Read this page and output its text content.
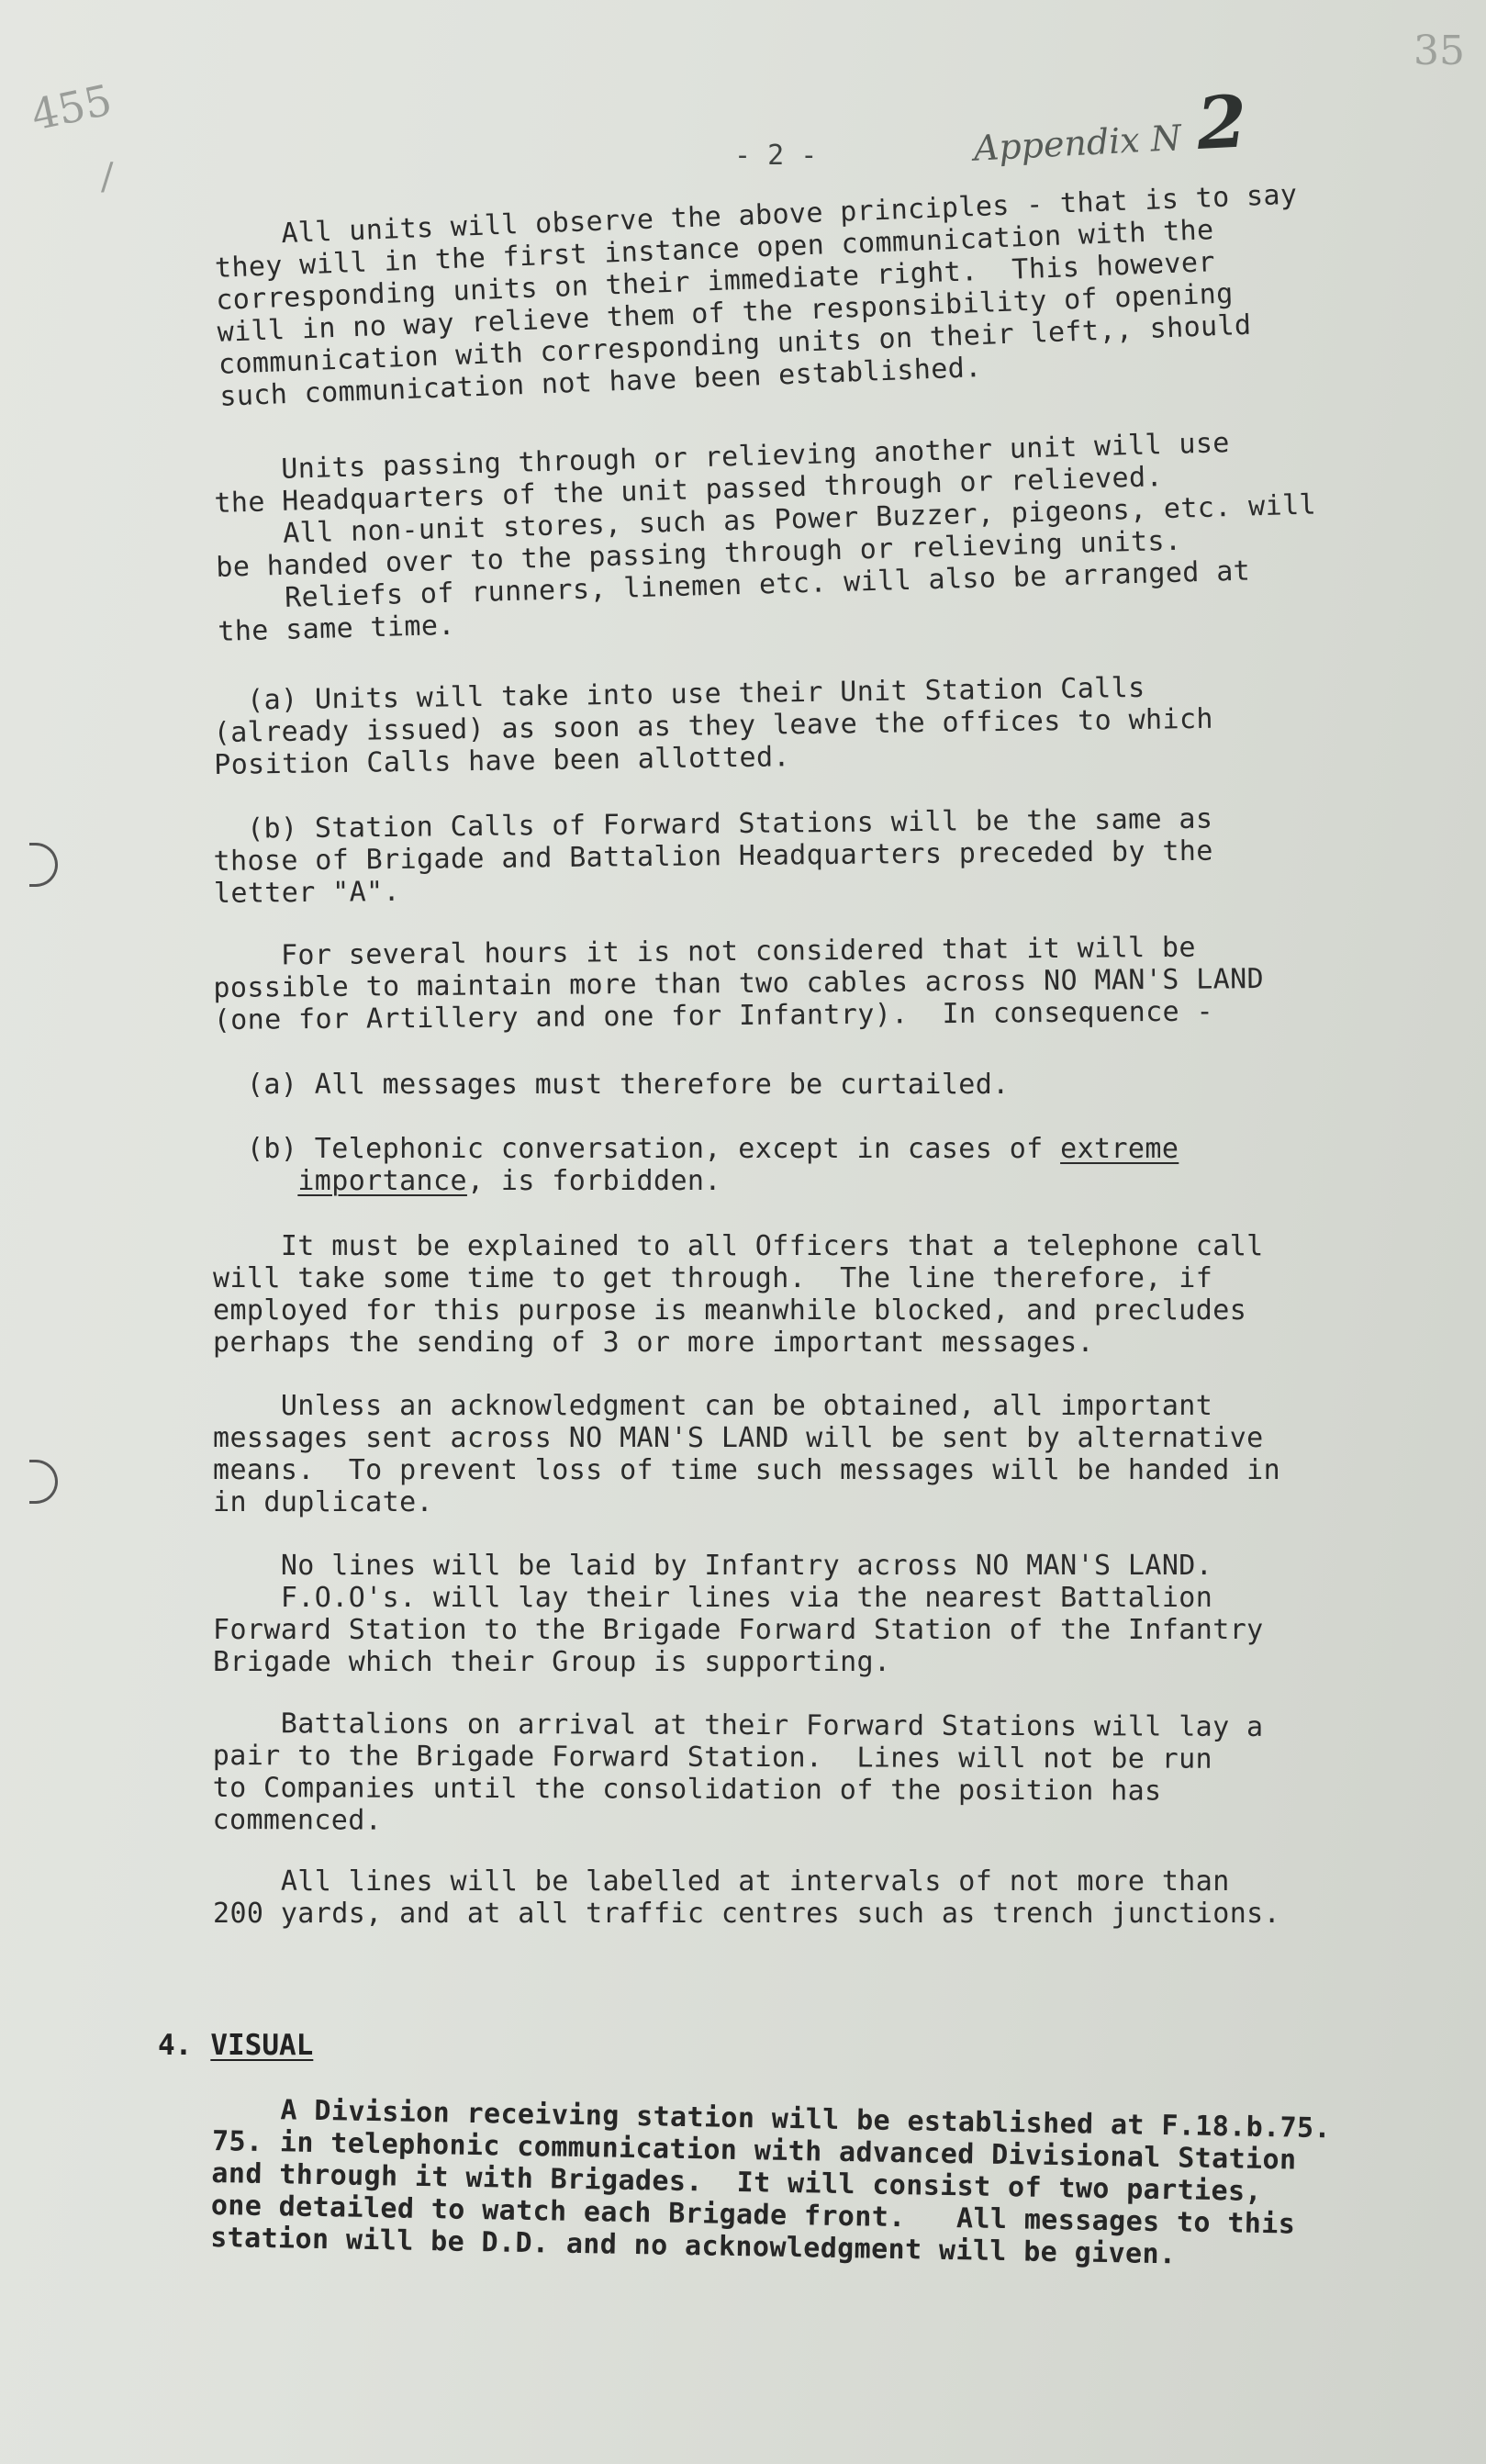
455
/
35
Appendix N 2
- 2 -

All units will observe the above principles - that is to say
they will in the first instance open communication with the
corresponding units on their immediate right.  This however
will in no way relieve them of the responsibility of opening
communication with corresponding units on their left,, should
such communication not have been established.

Units passing through or relieving another unit will use
the Headquarters of the unit passed through or relieved.
All non-unit stores, such as Power Buzzer, pigeons, etc. will
be handed over to the passing through or relieving units.
Reliefs of runners, linemen etc. will also be arranged at
the same time.

(a) Units will take into use their Unit Station Calls
(already issued) as soon as they leave the offices to which
Position Calls have been allotted.

(b) Station Calls of Forward Stations will be the same as
those of Brigade and Battalion Headquarters preceded by the
letter "A".

For several hours it is not considered that it will be
possible to maintain more than two cables across NO MAN'S LAND
(one for Artillery and one for Infantry).  In consequence -

(a) All messages must therefore be curtailed.

(b) Telephonic conversation, except in cases of extreme
importance, is forbidden.

It must be explained to all Officers that a telephone call
will take some time to get through.  The line therefore, if
employed for this purpose is meanwhile blocked, and precludes
perhaps the sending of 3 or more important messages.

Unless an acknowledgment can be obtained, all important
messages sent across NO MAN'S LAND will be sent by alternative
means.  To prevent loss of time such messages will be handed in
in duplicate.

No lines will be laid by Infantry across NO MAN'S LAND.
F.O.O's. will lay their lines via the nearest Battalion
Forward Station to the Brigade Forward Station of the Infantry
Brigade which their Group is supporting.

Battalions on arrival at their Forward Stations will lay a
pair to the Brigade Forward Station.  Lines will not be run
to Companies until the consolidation of the position has
commenced.

All lines will be labelled at intervals of not more than
200 yards, and at all traffic centres such as trench junctions.

4. VISUAL

A Division receiving station will be established at F.18.b.75.
75. in telephonic communication with advanced Divisional Station
and through it with Brigades.  It will consist of two parties,
one detailed to watch each Brigade front.   All messages to this
station will be D.D. and no acknowledgment will be given.
